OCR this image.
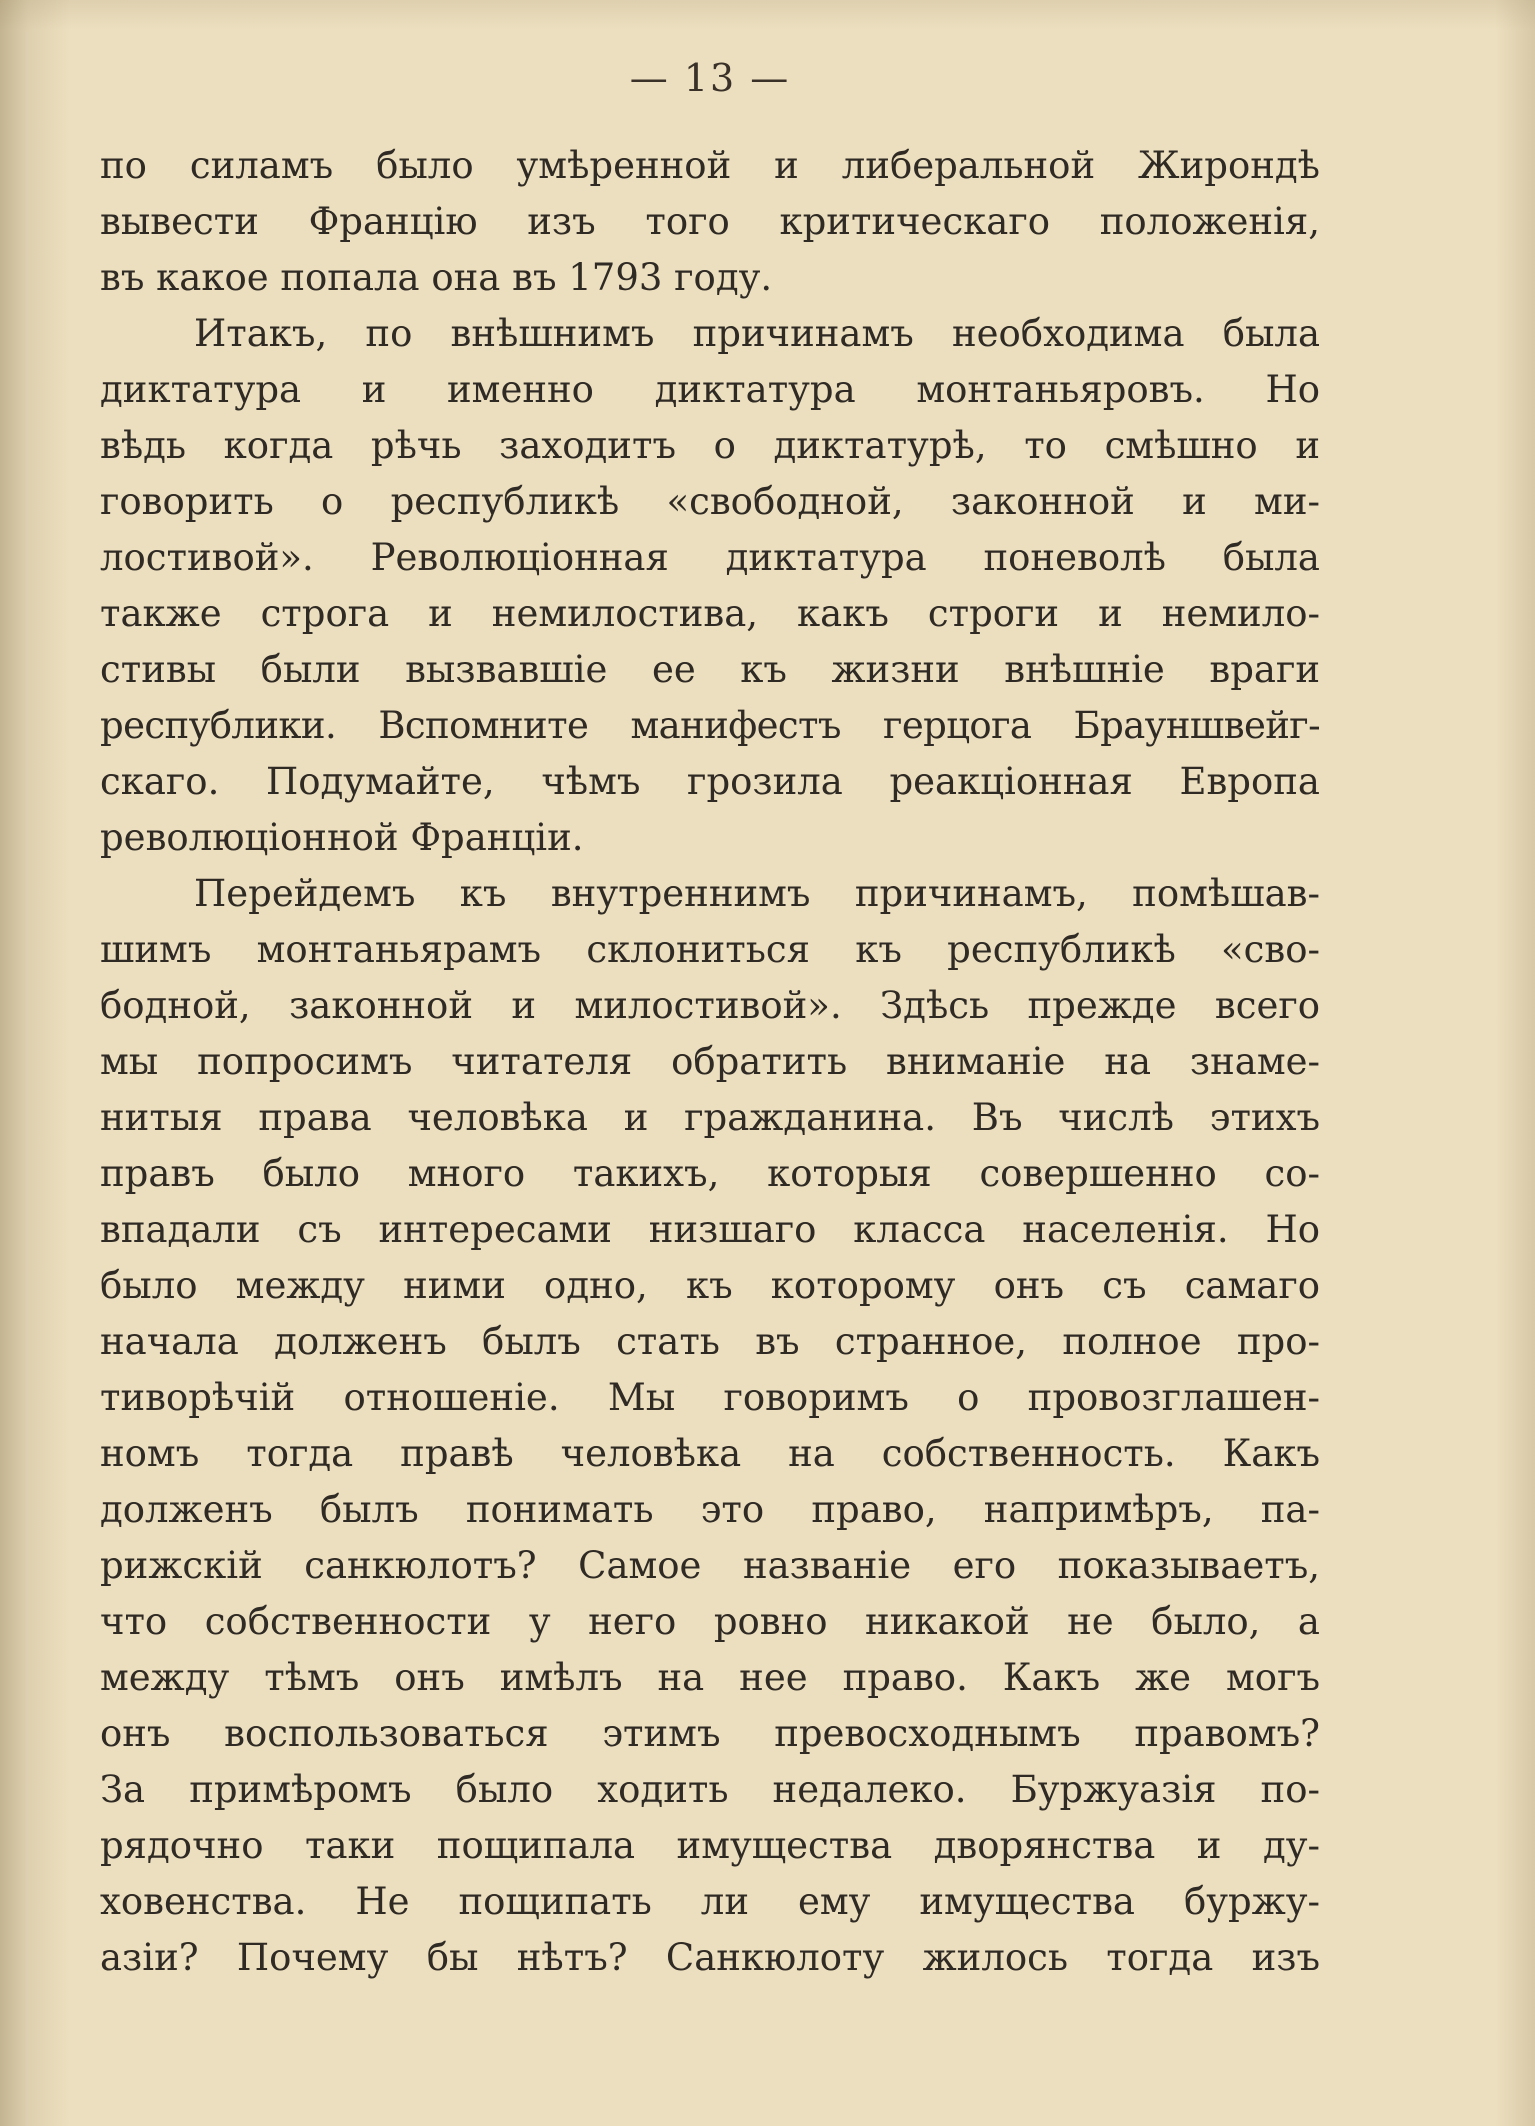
— 13 —
по силамъ было умѣренной и либеральной Жирондѣ
вывести Францію изъ того критическаго положенія,
въ какое попала она въ 1793 году.
Итакъ, по внѣшнимъ причинамъ необходима была
диктатура и именно диктатура монтаньяровъ. Но
вѣдь когда рѣчь заходитъ о диктатурѣ, то смѣшно и
говорить о республикѣ «свободной, законной и ми-
лостивой». Революціонная диктатура поневолѣ была
также строга и немилостива, какъ строги и немило-
стивы были вызвавшіе ее къ жизни внѣшніе враги
республики. Вспомните манифестъ герцога Брауншвейг-
скаго. Подумайте, чѣмъ грозила реакціонная Европа
революціонной Франціи.
Перейдемъ къ внутреннимъ причинамъ, помѣшав-
шимъ монтаньярамъ склониться къ республикѣ «сво-
бодной, законной и милостивой». Здѣсь прежде всего
мы попросимъ читателя обратить вниманіе на знаме-
нитыя права человѣка и гражданина. Въ числѣ этихъ
правъ было много такихъ, которыя совершенно со-
впадали съ интересами низшаго класса населенія. Но
было между ними одно, къ которому онъ съ самаго
начала долженъ былъ стать въ странное, полное про-
тиворѣчій отношеніе. Мы говоримъ о провозглашен-
номъ тогда правѣ человѣка на собственность. Какъ
долженъ былъ понимать это право, напримѣръ, па-
рижскій санкюлотъ? Самое названіе его показываетъ,
что собственности у него ровно никакой не было, а
между тѣмъ онъ имѣлъ на нее право. Какъ же могъ
онъ воспользоваться этимъ превосходнымъ правомъ?
За примѣромъ было ходить недалеко. Буржуазія по-
рядочно таки пощипала имущества дворянства и ду-
ховенства. Не пощипать ли ему имущества буржу-
азіи? Почему бы нѣтъ? Санкюлоту жилось тогда изъ
